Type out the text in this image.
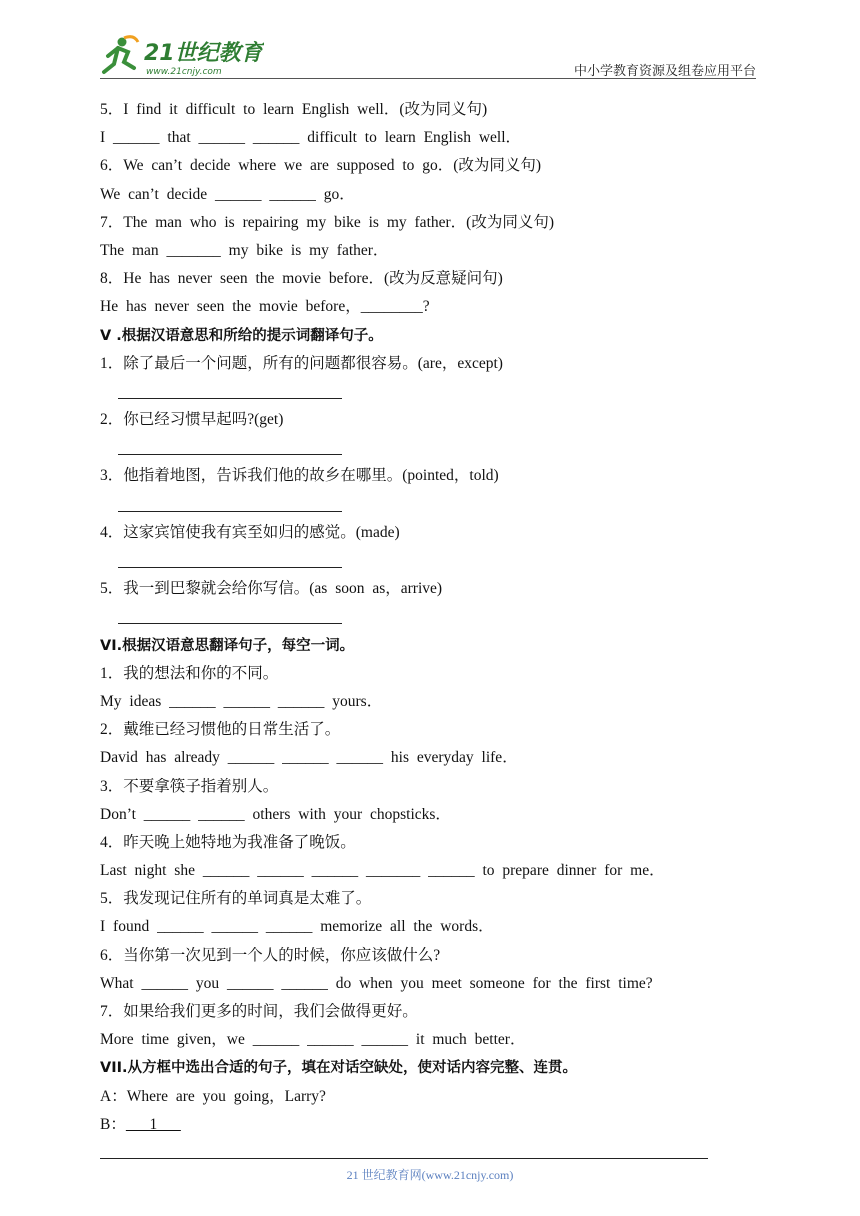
21世纪教育
www.21cnjy.com	中小学教育资源及组卷应用平台
5．I find it difficult to learn English well．(改为同义句)
I ______ that ______ ______ difficult to learn English well．
6．We can’t decide where we are supposed to go．(改为同义句)
We can’t decide ______ ______ go．
7．The man who is repairing my bike is my father．(改为同义句)
The man _______ my bike is my father．
8．He has never seen the movie before．(改为反意疑问句)
He has never seen the movie before，________?
V .根据汉语意思和所给的提示词翻译句子。
1．除了最后一个问题，所有的问题都很容易。(are，except)
2．你已经习惯早起吗?(get)
3．他指着地图，告诉我们他的故乡在哪里。(pointed，told)
4．这家宾馆使我有宾至如归的感觉。(made)
5．我一到巴黎就会给你写信。(as soon as，arrive)
VI.根据汉语意思翻译句子，每空一词。
1．我的想法和你的不同。
My ideas ______ ______ ______ yours．
2．戴维已经习惯他的日常生活了。
David has already ______ ______ ______ his everyday life．
3．不要拿筷子指着别人。
Don’t ______ ______ others with your chopsticks．
4．昨天晚上她特地为我准备了晚饭。
Last night she ______ ______ ______ _______ ______ to prepare dinner for me．
5．我发现记住所有的单词真是太难了。
I found ______ ______ ______ memorize all the words．
6．当你第一次见到一个人的时候，你应该做什么?
What ______ you ______ ______ do when you meet someone for the first time?
7．如果给我们更多的时间，我们会做得更好。
More time given，we ______ ______ ______ it much better．
VII.从方框中选出合适的句子，填在对话空缺处，使对话内容完整、连贯。
A：Where are you going，Larry?
B：   1
21 世纪教育网(www.21cnjy.com)
